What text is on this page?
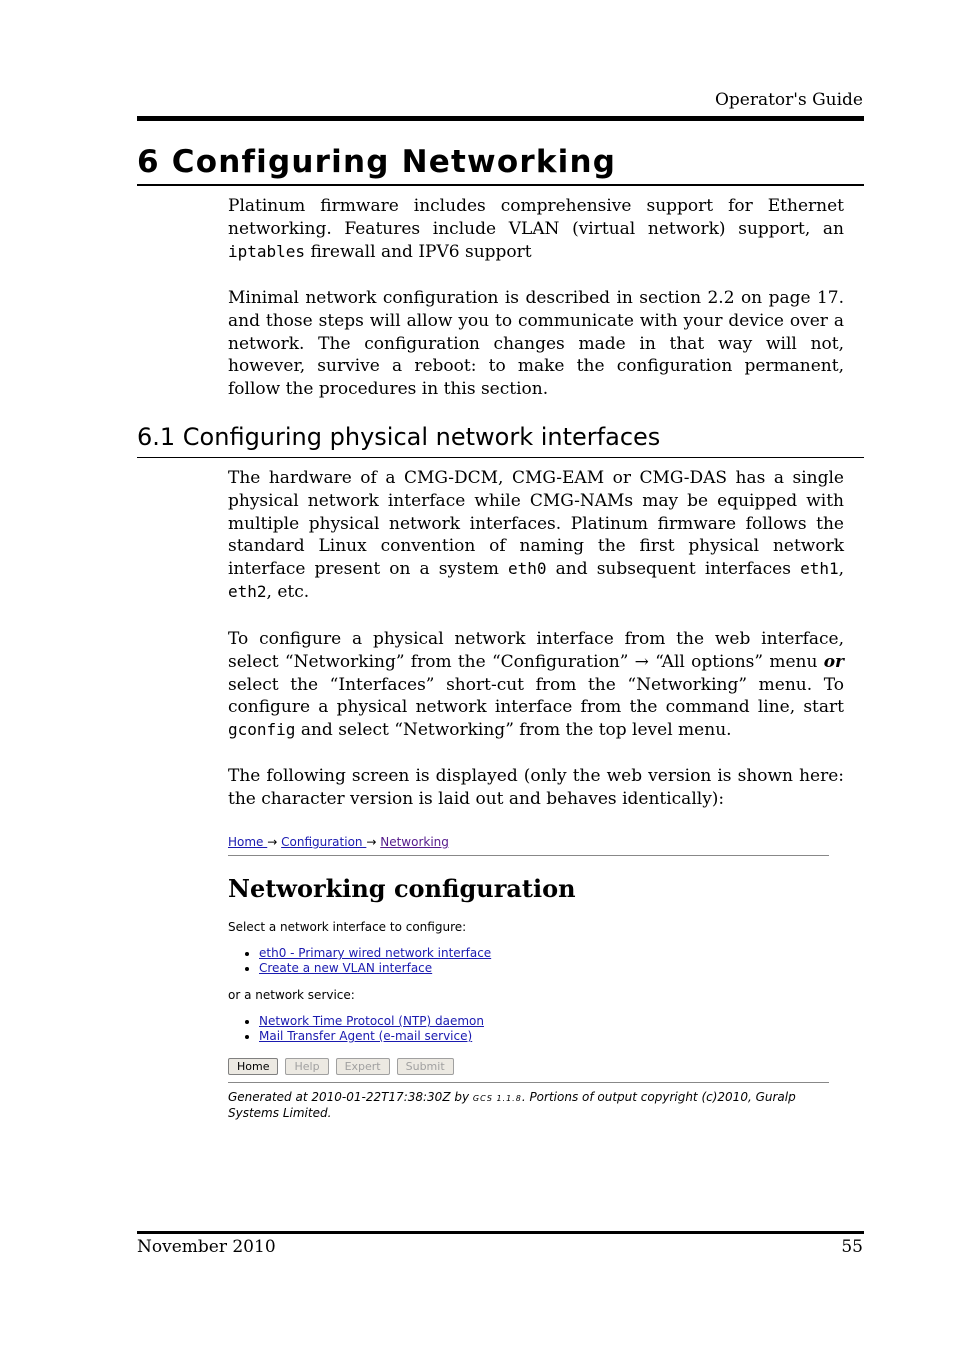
Operator's Guide
6 Configuring Networking
Platinum firmware includes comprehensive support for Ethernet networking. Features include VLAN (virtual network) support, an iptables firewall and IPV6 support
Minimal network configuration is described in section 2.2 on page 17. and those steps will allow you to communicate with your device over a network. The configuration changes made in that way will not, however, survive a reboot: to make the configuration permanent, follow the procedures in this section.
6.1 Configuring physical network interfaces
The hardware of a CMG-DCM, CMG-EAM or CMG-DAS has a single physical network interface while CMG-NAMs may be equipped with multiple physical network interfaces. Platinum firmware follows the standard Linux convention of naming the first physical network interface present on a system eth0 and subsequent interfaces eth1, eth2, etc.
To configure a physical network interface from the web interface, select “Networking” from the “Configuration” → “All options” menu or select the “Interfaces” short-cut from the “Networking” menu. To configure a physical network interface from the command line, start gconfig and select “Networking” from the top level menu.
The following screen is displayed (only the web version is shown here: the character version is laid out and behaves identically):
Home → Configuration → Networking
Networking configuration
Select a network interface to configure:
• eth0 - Primary wired network interface
• Create a new VLAN interface
or a network service:
• Network Time Protocol (NTP) daemon
• Mail Transfer Agent (e-mail service)
Home	Help	Expert	Submit
Generated at 2010-01-22T17:38:30Z by GCS 1.1.8. Portions of output copyright (c)2010, Guralp Systems Limited.
November 2010	55
